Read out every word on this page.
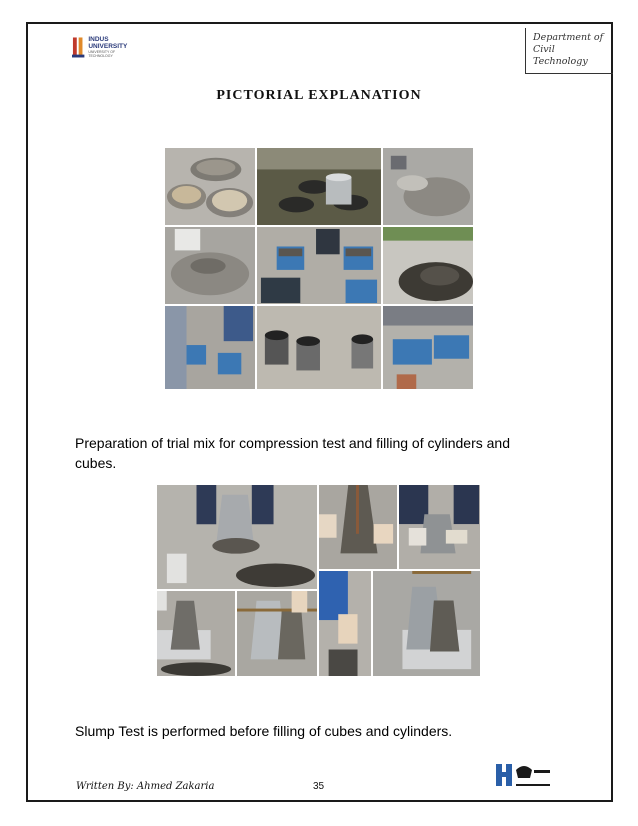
INDUS
UNIVERSITY
UNIVERSITY OF TECHNOLOGY
Department of
Civil
Technology
PICTORIAL EXPLANATION
Preparation of trial mix for compression test and filling of cylinders and cubes.
Slump Test is performed before filling of cubes and cylinders.
Written By: Ahmed Zakaria	35
